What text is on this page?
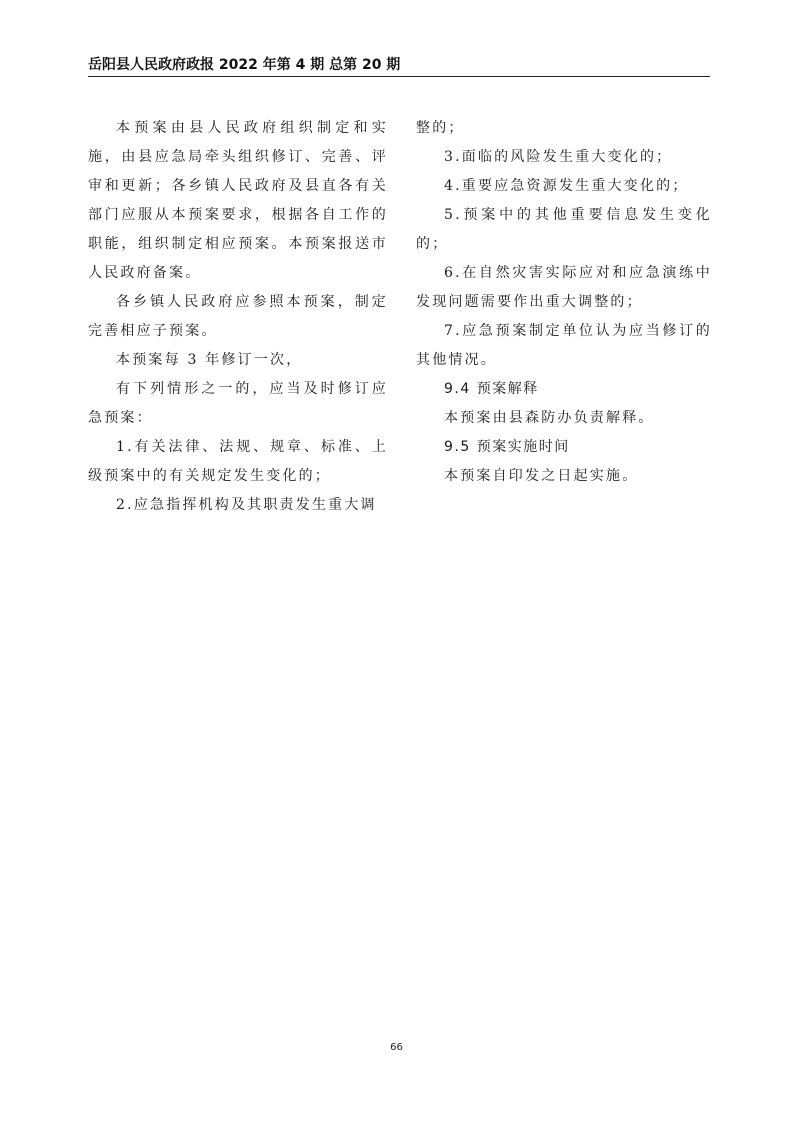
岳阳县人民政府政报 2022 年第 4 期 总第 20 期

本预案由县人民政府组织制定和实施，由县应急局牵头组织修订、完善、评审和更新；各乡镇人民政府及县直各有关部门应服从本预案要求，根据各自工作的职能，组织制定相应预案。本预案报送市人民政府备案。

各乡镇人民政府应参照本预案，制定完善相应子预案。

本预案每 3 年修订一次，

有下列情形之一的，应当及时修订应急预案：

1.有关法律、法规、规章、标准、上级预案中的有关规定发生变化的；

2.应急指挥机构及其职责发生重大调

整的；

3.面临的风险发生重大变化的；

4.重要应急资源发生重大变化的；

5.预案中的其他重要信息发生变化的；

6.在自然灾害实际应对和应急演练中发现问题需要作出重大调整的；

7.应急预案制定单位认为应当修订的其他情况。

9.4 预案解释

本预案由县森防办负责解释。

9.5 预案实施时间

本预案自印发之日起实施。

66
